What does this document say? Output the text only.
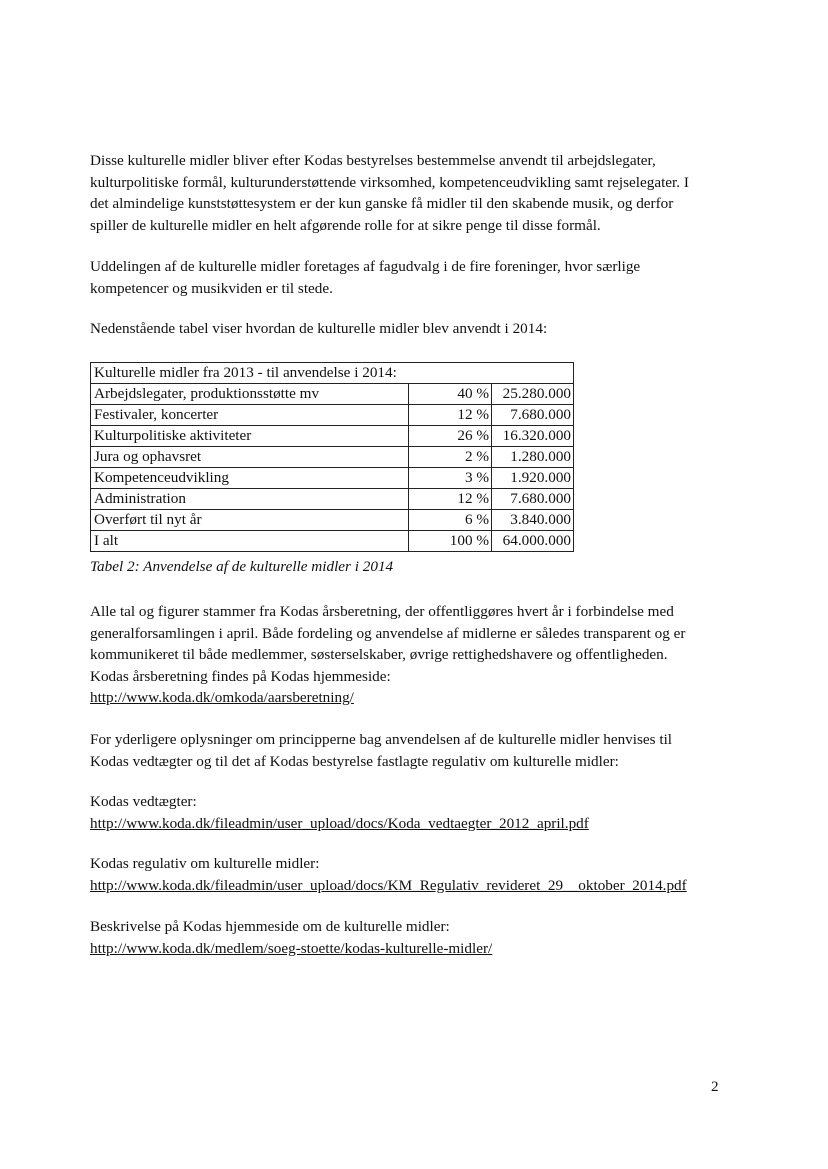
Disse kulturelle midler bliver efter Kodas bestyrelses bestemmelse anvendt til arbejdslegater,
kulturpolitiske formål, kulturunderstøttende virksomhed, kompetenceudvikling samt rejselegater. I
det almindelige kunststøttesystem er der kun ganske få midler til den skabende musik, og derfor
spiller de kulturelle midler en helt afgørende rolle for at sikre penge til disse formål.

Uddelingen af de kulturelle midler foretages af fagudvalg i de fire foreninger, hvor særlige
kompetencer og musikviden er til stede.

Nedenstående tabel viser hvordan de kulturelle midler blev anvendt i 2014:

Kulturelle midler fra 2013 - til anvendelse i 2014:		
Arbejdslegater, produktionsstøtte mv	40 %	25.280.000
Festivaler, koncerter	12 %	7.680.000
Kulturpolitiske aktiviteter	26 %	16.320.000
Jura og ophavsret	2 %	1.280.000
Kompetenceudvikling	3 %	1.920.000
Administration	12 %	7.680.000
Overført til nyt år	6 %	3.840.000
I alt	100 %	64.000.000

Tabel 2: Anvendelse af de kulturelle midler i 2014

Alle tal og figurer stammer fra Kodas årsberetning, der offentliggøres hvert år i forbindelse med
generalforsamlingen i april. Både fordeling og anvendelse af midlerne er således transparent og er
kommunikeret til både medlemmer, søsterselskaber, øvrige rettighedshavere og offentligheden.
Kodas årsberetning findes på Kodas hjemmeside:
http://www.koda.dk/omkoda/aarsberetning/

For yderligere oplysninger om principperne bag anvendelsen af de kulturelle midler henvises til
Kodas vedtægter og til det af Kodas bestyrelse fastlagte regulativ om kulturelle midler:

Kodas vedtægter:
http://www.koda.dk/fileadmin/user_upload/docs/Koda_vedtaegter_2012_april.pdf

Kodas regulativ om kulturelle midler:
http://www.koda.dk/fileadmin/user_upload/docs/KM_Regulativ_revideret_29__oktober_2014.pdf

Beskrivelse på Kodas hjemmeside om de kulturelle midler:
http://www.koda.dk/medlem/soeg-stoette/kodas-kulturelle-midler/

2
